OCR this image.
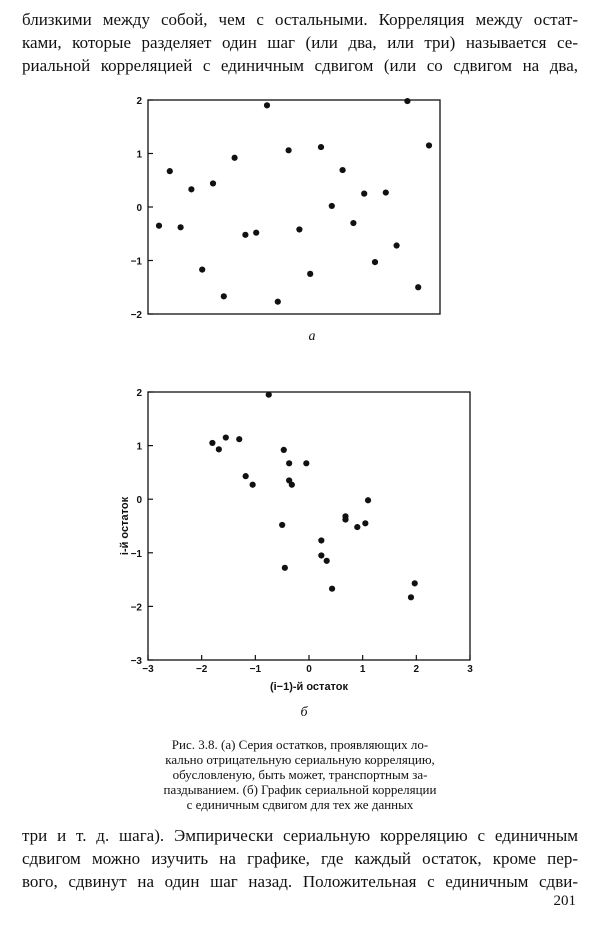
близкими между собой, чем с остальными. Корреляция между остат-
ками, которые разделяет один шаг (или два, или три) называется се-
риальной корреляцией с единичным сдвигом (или со сдвигом на два,
2
1
0
−1
−2
а
2
1
0
−1
−2
−3
−3	−2	−1	0	1	2	3
(i−1)-й остаток
i-й остаток
б
Рис. 3.8. (а) Серия остатков, проявляющих ло-
кально отрицательную сериальную корреляцию,
обусловленую, быть может, транспортным за-
паздыванием. (б) График сериальной корреляции
с единичным сдвигом для тех же данных
три и т. д. шага). Эмпирически сериальную корреляцию с единичным
сдвигом можно изучить на графике, где каждый остаток, кроме пер-
вого, сдвинут на один шаг назад. Положительная с единичным сдви-
201
